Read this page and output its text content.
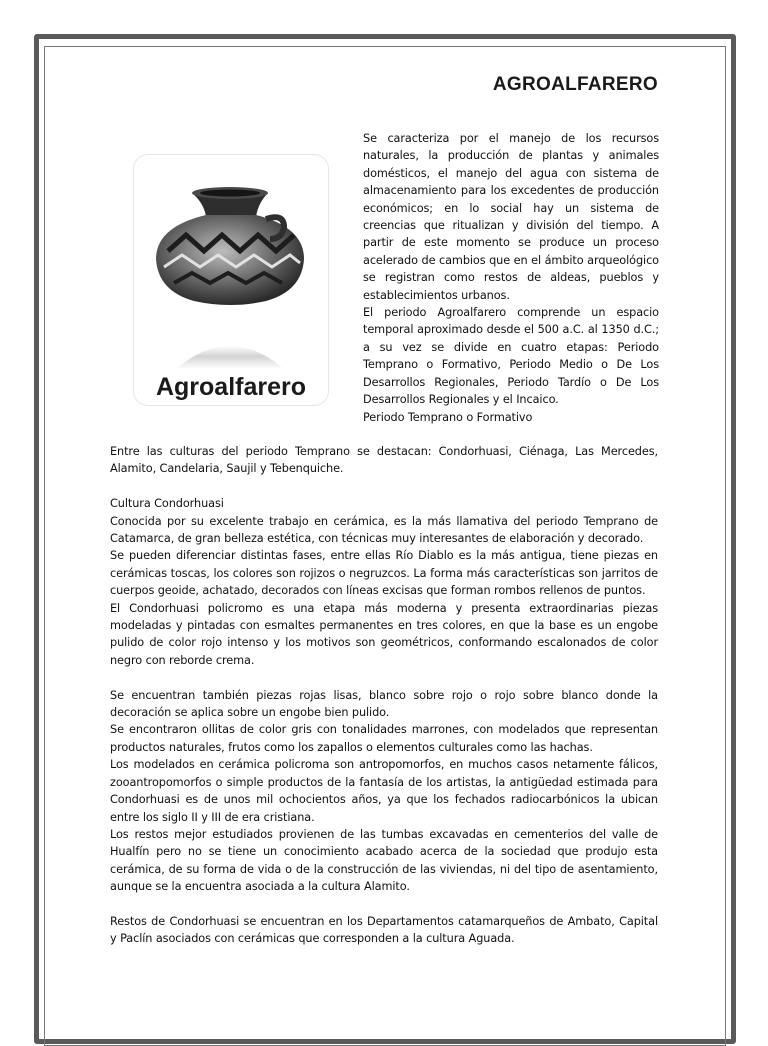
AGROALFARERO
Agroalfarero

Se caracteriza por el manejo de los recursos naturales, la producción de plantas y animales domésticos, el manejo del agua con sistema de almacenamiento para los excedentes de producción económicos; en lo social hay un sistema de creencias que ritualizan y división del tiempo. A partir de este momento se produce un proceso acelerado de cambios que en el ámbito arqueológico se registran como restos de aldeas, pueblos y establecimientos urbanos.

El periodo Agroalfarero comprende un espacio temporal aproximado desde el 500 a.C. al 1350 d.C.; a su vez se divide en cuatro etapas: Periodo Temprano o Formativo, Periodo Medio o De Los Desarrollos Regionales, Periodo Tardío o De Los Desarrollos Regionales y el Incaico.

Periodo Temprano o Formativo

Entre las culturas del periodo Temprano se destacan: Condorhuasi, Ciénaga, Las Mercedes, Alamito, Candelaria, Saujil y Tebenquiche.

Cultura Condorhuasi

Conocida por su excelente trabajo en cerámica, es la más llamativa del periodo Temprano de Catamarca, de gran belleza estética, con técnicas muy interesantes de elaboración y decorado.

Se pueden diferenciar distintas fases, entre ellas Río Diablo es la más antigua, tiene piezas en cerámicas toscas, los colores son rojizos o negruzcos. La forma más características son jarritos de cuerpos geoide, achatado, decorados con líneas excisas que forman rombos rellenos de puntos.

El Condorhuasi policromo es una etapa más moderna y presenta extraordinarias piezas modeladas y pintadas con esmaltes permanentes en tres colores, en que la base es un engobe pulido de color rojo intenso y los motivos son geométricos, conformando escalonados de color negro con reborde crema.

Se encuentran también piezas rojas lisas, blanco sobre rojo o rojo sobre blanco donde la decoración se aplica sobre un engobe bien pulido.

Se encontraron ollitas de color gris con tonalidades marrones, con modelados que representan productos naturales, frutos como los zapallos o elementos culturales como las hachas.

Los modelados en cerámica policroma son antropomorfos, en muchos casos netamente fálicos, zooantropomorfos o simple productos de la fantasía de los artistas, la antigüedad estimada para Condorhuasi es de unos mil ochocientos años, ya que los fechados radiocarbónicos la ubican entre los siglo II y III de era cristiana.

Los restos mejor estudiados provienen de las tumbas excavadas en cementerios del valle de Hualfín pero no se tiene un conocimiento acabado acerca de la sociedad que produjo esta cerámica, de su forma de vida o de la construcción de las viviendas, ni del tipo de asentamiento, aunque se la encuentra asociada a la cultura Alamito.

Restos de Condorhuasi se encuentran en los Departamentos catamarqueños de Ambato, Capital y Paclín asociados con cerámicas que corresponden a la cultura Aguada.
